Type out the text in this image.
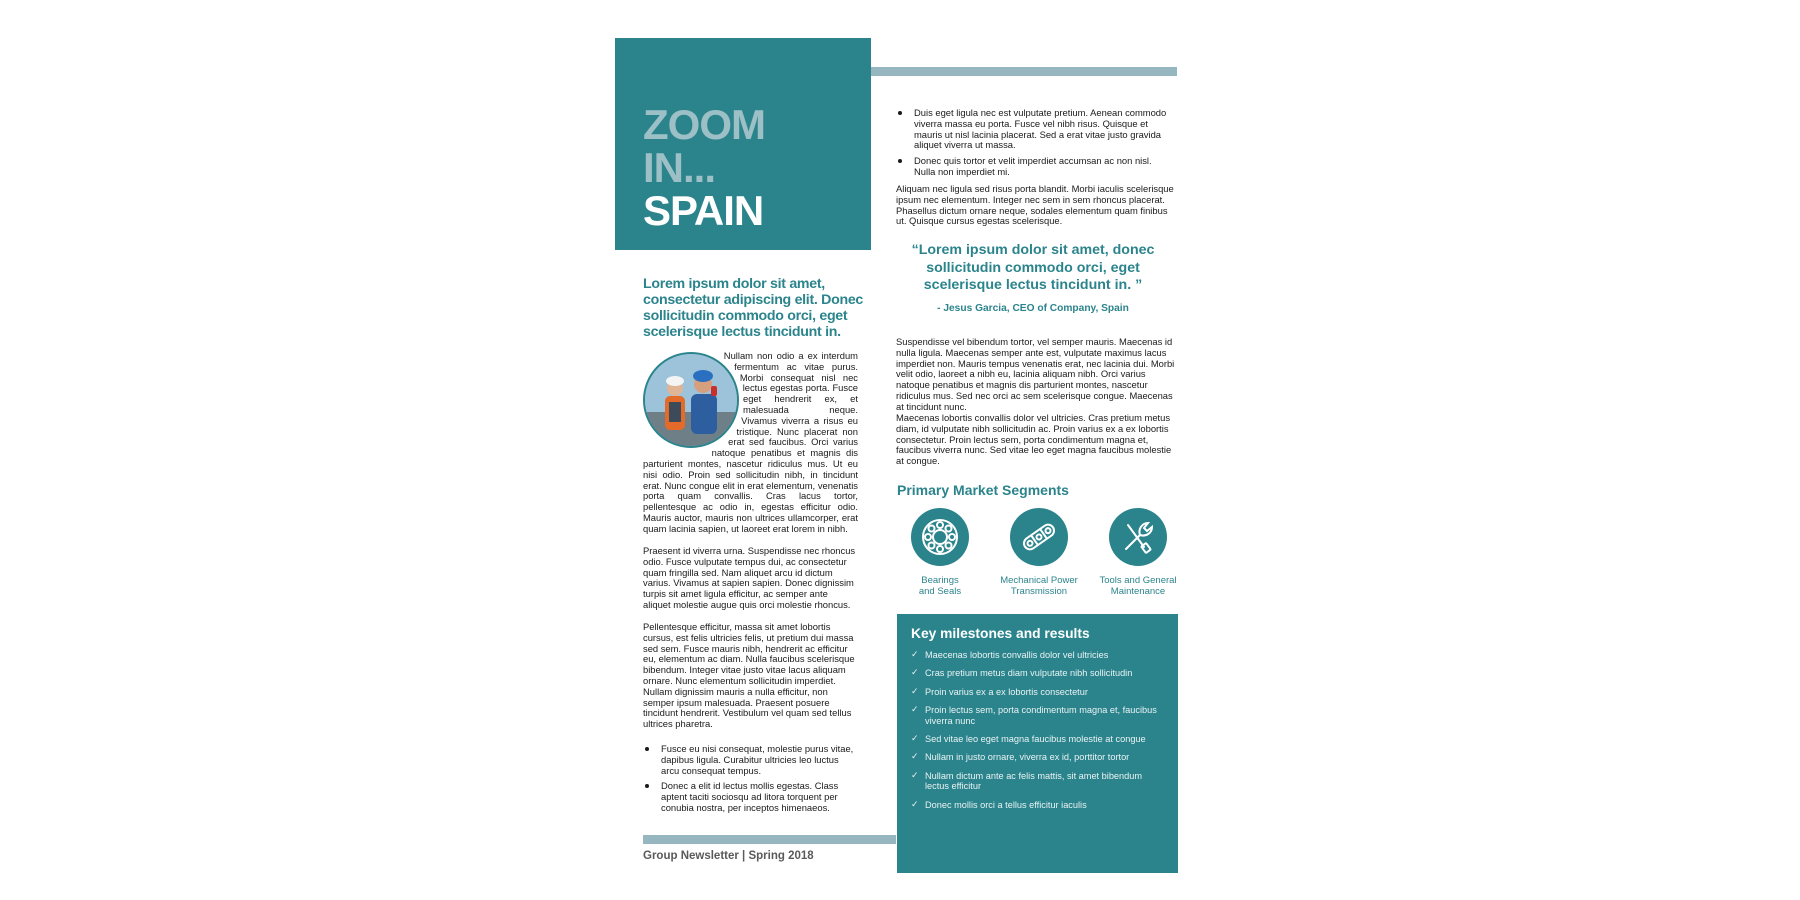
ZOOM
IN...
SPAIN
Lorem ipsum dolor sit amet, consectetur adipiscing elit. Donec sollicitudin commodo orci, eget scelerisque lectus tincidunt in.

Nullam non odio a ex interdum fermentum ac vitae purus. Morbi consequat nisl nec lectus egestas porta. Fusce eget hendrerit ex, et malesuada neque. Vivamus viverra a risus eu tristique. Nunc placerat non erat sed faucibus. Orci varius natoque penatibus et magnis dis parturient montes, nascetur ridiculus mus. Ut eu nisi odio. Proin sed sollicitudin nibh, in tincidunt erat. Nunc congue elit in erat elementum, venenatis porta quam convallis. Cras lacus tortor, pellentesque ac odio in, egestas efficitur odio. Mauris auctor, mauris non ultrices ullamcorper, erat quam lacinia sapien, ut laoreet erat lorem in nibh.

Praesent id viverra urna. Suspendisse nec rhoncus odio. Fusce vulputate tempus dui, ac consectetur quam fringilla sed. Nam aliquet arcu id dictum varius. Vivamus at sapien sapien. Donec dignissim turpis sit amet ligula efficitur, ac semper ante aliquet molestie augue quis orci molestie rhoncus.

Pellentesque efficitur, massa sit amet lobortis cursus, est felis ultricies felis, ut pretium dui massa sed sem. Fusce mauris nibh, hendrerit ac efficitur eu, elementum ac diam. Nulla faucibus scelerisque bibendum. Integer vitae justo vitae lacus aliquam ornare. Nunc elementum sollicitudin imperdiet. Nullam dignissim mauris a nulla efficitur, non semper ipsum malesuada. Praesent posuere tincidunt hendrerit. Vestibulum vel quam sed tellus ultrices pharetra.

Fusce eu nisi consequat, molestie purus vitae, dapibus ligula. Curabitur ultricies leo luctus arcu consequat tempus.
Donec a elit id lectus mollis egestas. Class aptent taciti sociosqu ad litora torquent per conubia nostra, per inceptos himenaeos.
Group Newsletter | Spring 2018
Duis eget ligula nec est vulputate pretium. Aenean commodo viverra massa eu porta. Fusce vel nibh risus. Quisque et mauris ut nisl lacinia placerat. Sed a erat vitae justo gravida aliquet viverra ut massa.
Donec quis tortor et velit imperdiet accumsan ac non nisl. Nulla non imperdiet mi.

Aliquam nec ligula sed risus porta blandit. Morbi iaculis scelerisque ipsum nec elementum. Integer nec sem in sem rhoncus placerat. Phasellus dictum ornare neque, sodales elementum quam finibus ut. Quisque cursus egestas scelerisque.

“Lorem ipsum dolor sit amet, donec sollicitudin commodo orci, eget scelerisque lectus tincidunt in. ”
- Jesus Garcia, CEO of Company, Spain

Suspendisse vel bibendum tortor, vel semper mauris. Maecenas id nulla ligula. Maecenas semper ante est, vulputate maximus lacus imperdiet non. Mauris tempus venenatis erat, nec lacinia dui. Morbi velit odio, laoreet a nibh eu, lacinia aliquam nibh. Orci varius natoque penatibus et magnis dis parturient montes, nascetur ridiculus mus. Sed nec orci ac sem scelerisque congue. Maecenas at tincidunt nunc.

Maecenas lobortis convallis dolor vel ultricies. Cras pretium metus diam, id vulputate nibh sollicitudin ac. Proin varius ex a ex lobortis consectetur. Proin lectus sem, porta condimentum magna et, faucibus viverra nunc. Sed vitae leo eget magna faucibus molestie at congue.

Primary Market Segments
Bearings
and Seals
Mechanical Power
Transmission
Tools and General
Maintenance
Key milestones and results
✓ Maecenas lobortis convallis dolor vel ultricies
✓ Cras pretium metus diam vulputate nibh sollicitudin
✓ Proin varius ex a ex lobortis consectetur
✓ Proin lectus sem, porta condimentum magna et, faucibus viverra nunc
✓ Sed vitae leo eget magna faucibus molestie at congue
✓ Nullam in justo ornare, viverra ex id, porttitor tortor
✓ Nullam dictum ante ac felis mattis, sit amet bibendum lectus efficitur
✓ Donec mollis orci a tellus efficitur iaculis
